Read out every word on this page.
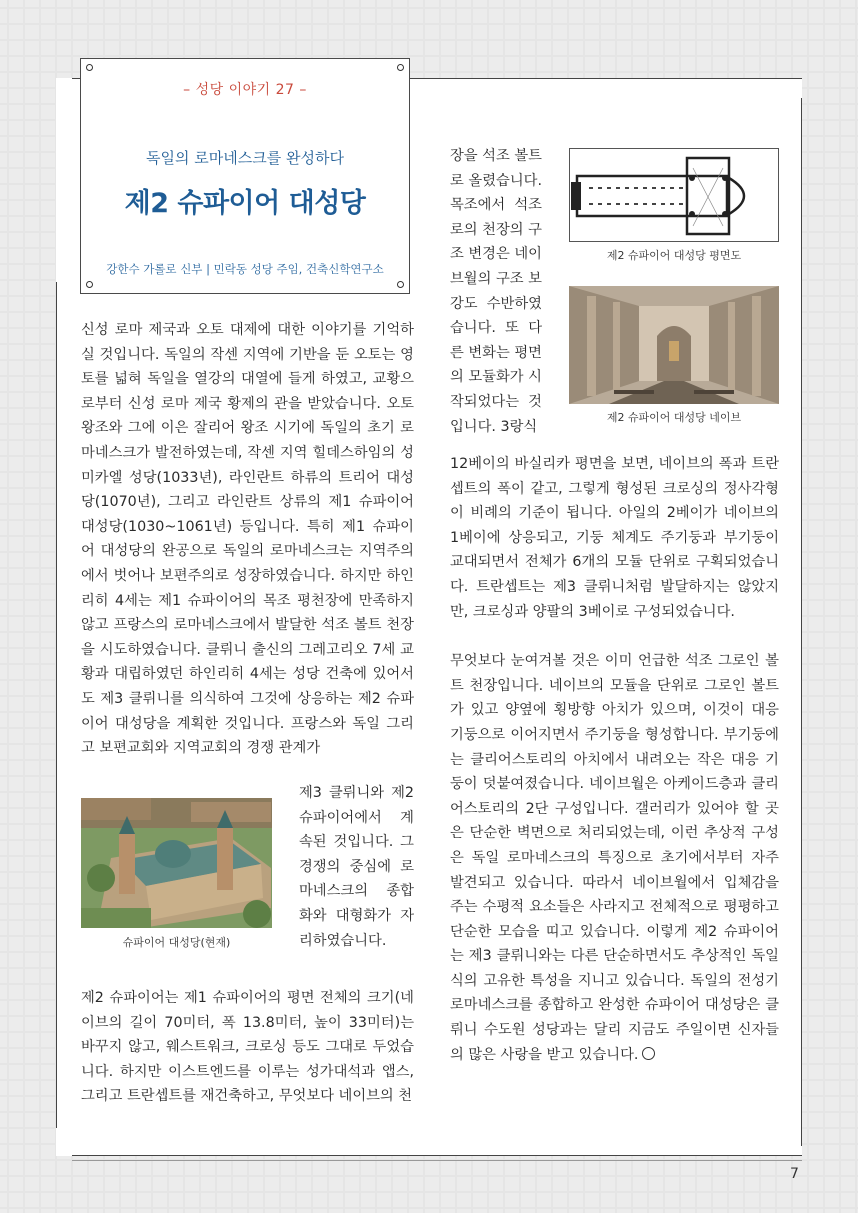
– 성당 이야기 27 –
독일의 로마네스크를 완성하다
제2 슈파이어 대성당
강한수 가롤로 신부 | 민락동 성당 주임, 건축신학연구소

신성 로마 제국과 오토 대제에 대한 이야기를 기억하실 것입니다. 독일의 작센 지역에 기반을 둔 오토는 영토를 넓혀 독일을 열강의 대열에 들게 하였고, 교황으로부터 신성 로마 제국 황제의 관을 받았습니다. 오토 왕조와 그에 이은 잘리어 왕조 시기에 독일의 초기 로마네스크가 발전하였는데, 작센 지역 힐데스하임의 성 미카엘 성당(1033년), 라인란트 하류의 트리어 대성당(1070년), 그리고 라인란트 상류의 제1 슈파이어 대성당(1030~1061년) 등입니다. 특히 제1 슈파이어 대성당의 완공으로 독일의 로마네스크는 지역주의에서 벗어나 보편주의로 성장하였습니다. 하지만 하인리히 4세는 제1 슈파이어의 목조 평천장에 만족하지 않고 프랑스의 로마네스크에서 발달한 석조 볼트 천장을 시도하였습니다. 클뤼니 출신의 그레고리오 7세 교황과 대립하였던 하인리히 4세는 성당 건축에 있어서도 제3 클뤼니를 의식하여 그것에 상응하는 제2 슈파이어 대성당을 계획한 것입니다. 프랑스와 독일 그리고 보편교회와 지역교회의 경쟁 관계가

슈파이어 대성당(현재)

제3 클뤼니와 제2 슈파이어에서 계속된 것입니다. 그 경쟁의 중심에 로마네스크의 종합화와 대형화가 자리하였습니다.

제2 슈파이어는 제1 슈파이어의 평면 전체의 크기(네이브의 길이 70미터, 폭 13.8미터, 높이 33미터)는 바꾸지 않고, 웨스트워크, 크로싱 등도 그대로 두었습니다. 하지만 이스트엔드를 이루는 성가대석과 앱스, 그리고 트란셉트를 재건축하고, 무엇보다 네이브의 천

장을 석조 볼트로 올렸습니다. 목조에서 석조로의 천장의 구조 변경은 네이브월의 구조 보강도 수반하였습니다. 또 다른 변화는 평면의 모듈화가 시작되었다는 것입니다. 3랑식

제2 슈파이어 대성당 평면도
제2 슈파이어 대성당 네이브

12베이의 바실리카 평면을 보면, 네이브의 폭과 트란셉트의 폭이 같고, 그렇게 형성된 크로싱의 정사각형이 비례의 기준이 됩니다. 아일의 2베이가 네이브의 1베이에 상응되고, 기둥 체계도 주기둥과 부기둥이 교대되면서 전체가 6개의 모듈 단위로 구획되었습니다. 트란셉트는 제3 클뤼니처럼 발달하지는 않았지만, 크로싱과 양팔의 3베이로 구성되었습니다.

무엇보다 눈여겨볼 것은 이미 언급한 석조 그로인 볼트 천장입니다. 네이브의 모듈을 단위로 그로인 볼트가 있고 양옆에 횡방향 아치가 있으며, 이것이 대응 기둥으로 이어지면서 주기둥을 형성합니다. 부기둥에는 클리어스토리의 아치에서 내려오는 작은 대응 기둥이 덧붙여졌습니다. 네이브월은 아케이드층과 클리어스토리의 2단 구성입니다. 갤러리가 있어야 할 곳은 단순한 벽면으로 처리되었는데, 이런 추상적 구성은 독일 로마네스크의 특징으로 초기에서부터 자주 발견되고 있습니다. 따라서 네이브월에서 입체감을 주는 수평적 요소들은 사라지고 전체적으로 평평하고 단순한 모습을 띠고 있습니다. 이렇게 제2 슈파이어는 제3 클뤼니와는 다른 단순하면서도 추상적인 독일식의 고유한 특성을 지니고 있습니다. 독일의 전성기 로마네스크를 종합하고 완성한 슈파이어 대성당은 클뤼니 수도원 성당과는 달리 지금도 주일이면 신자들의 많은 사랑을 받고 있습니다.

7
